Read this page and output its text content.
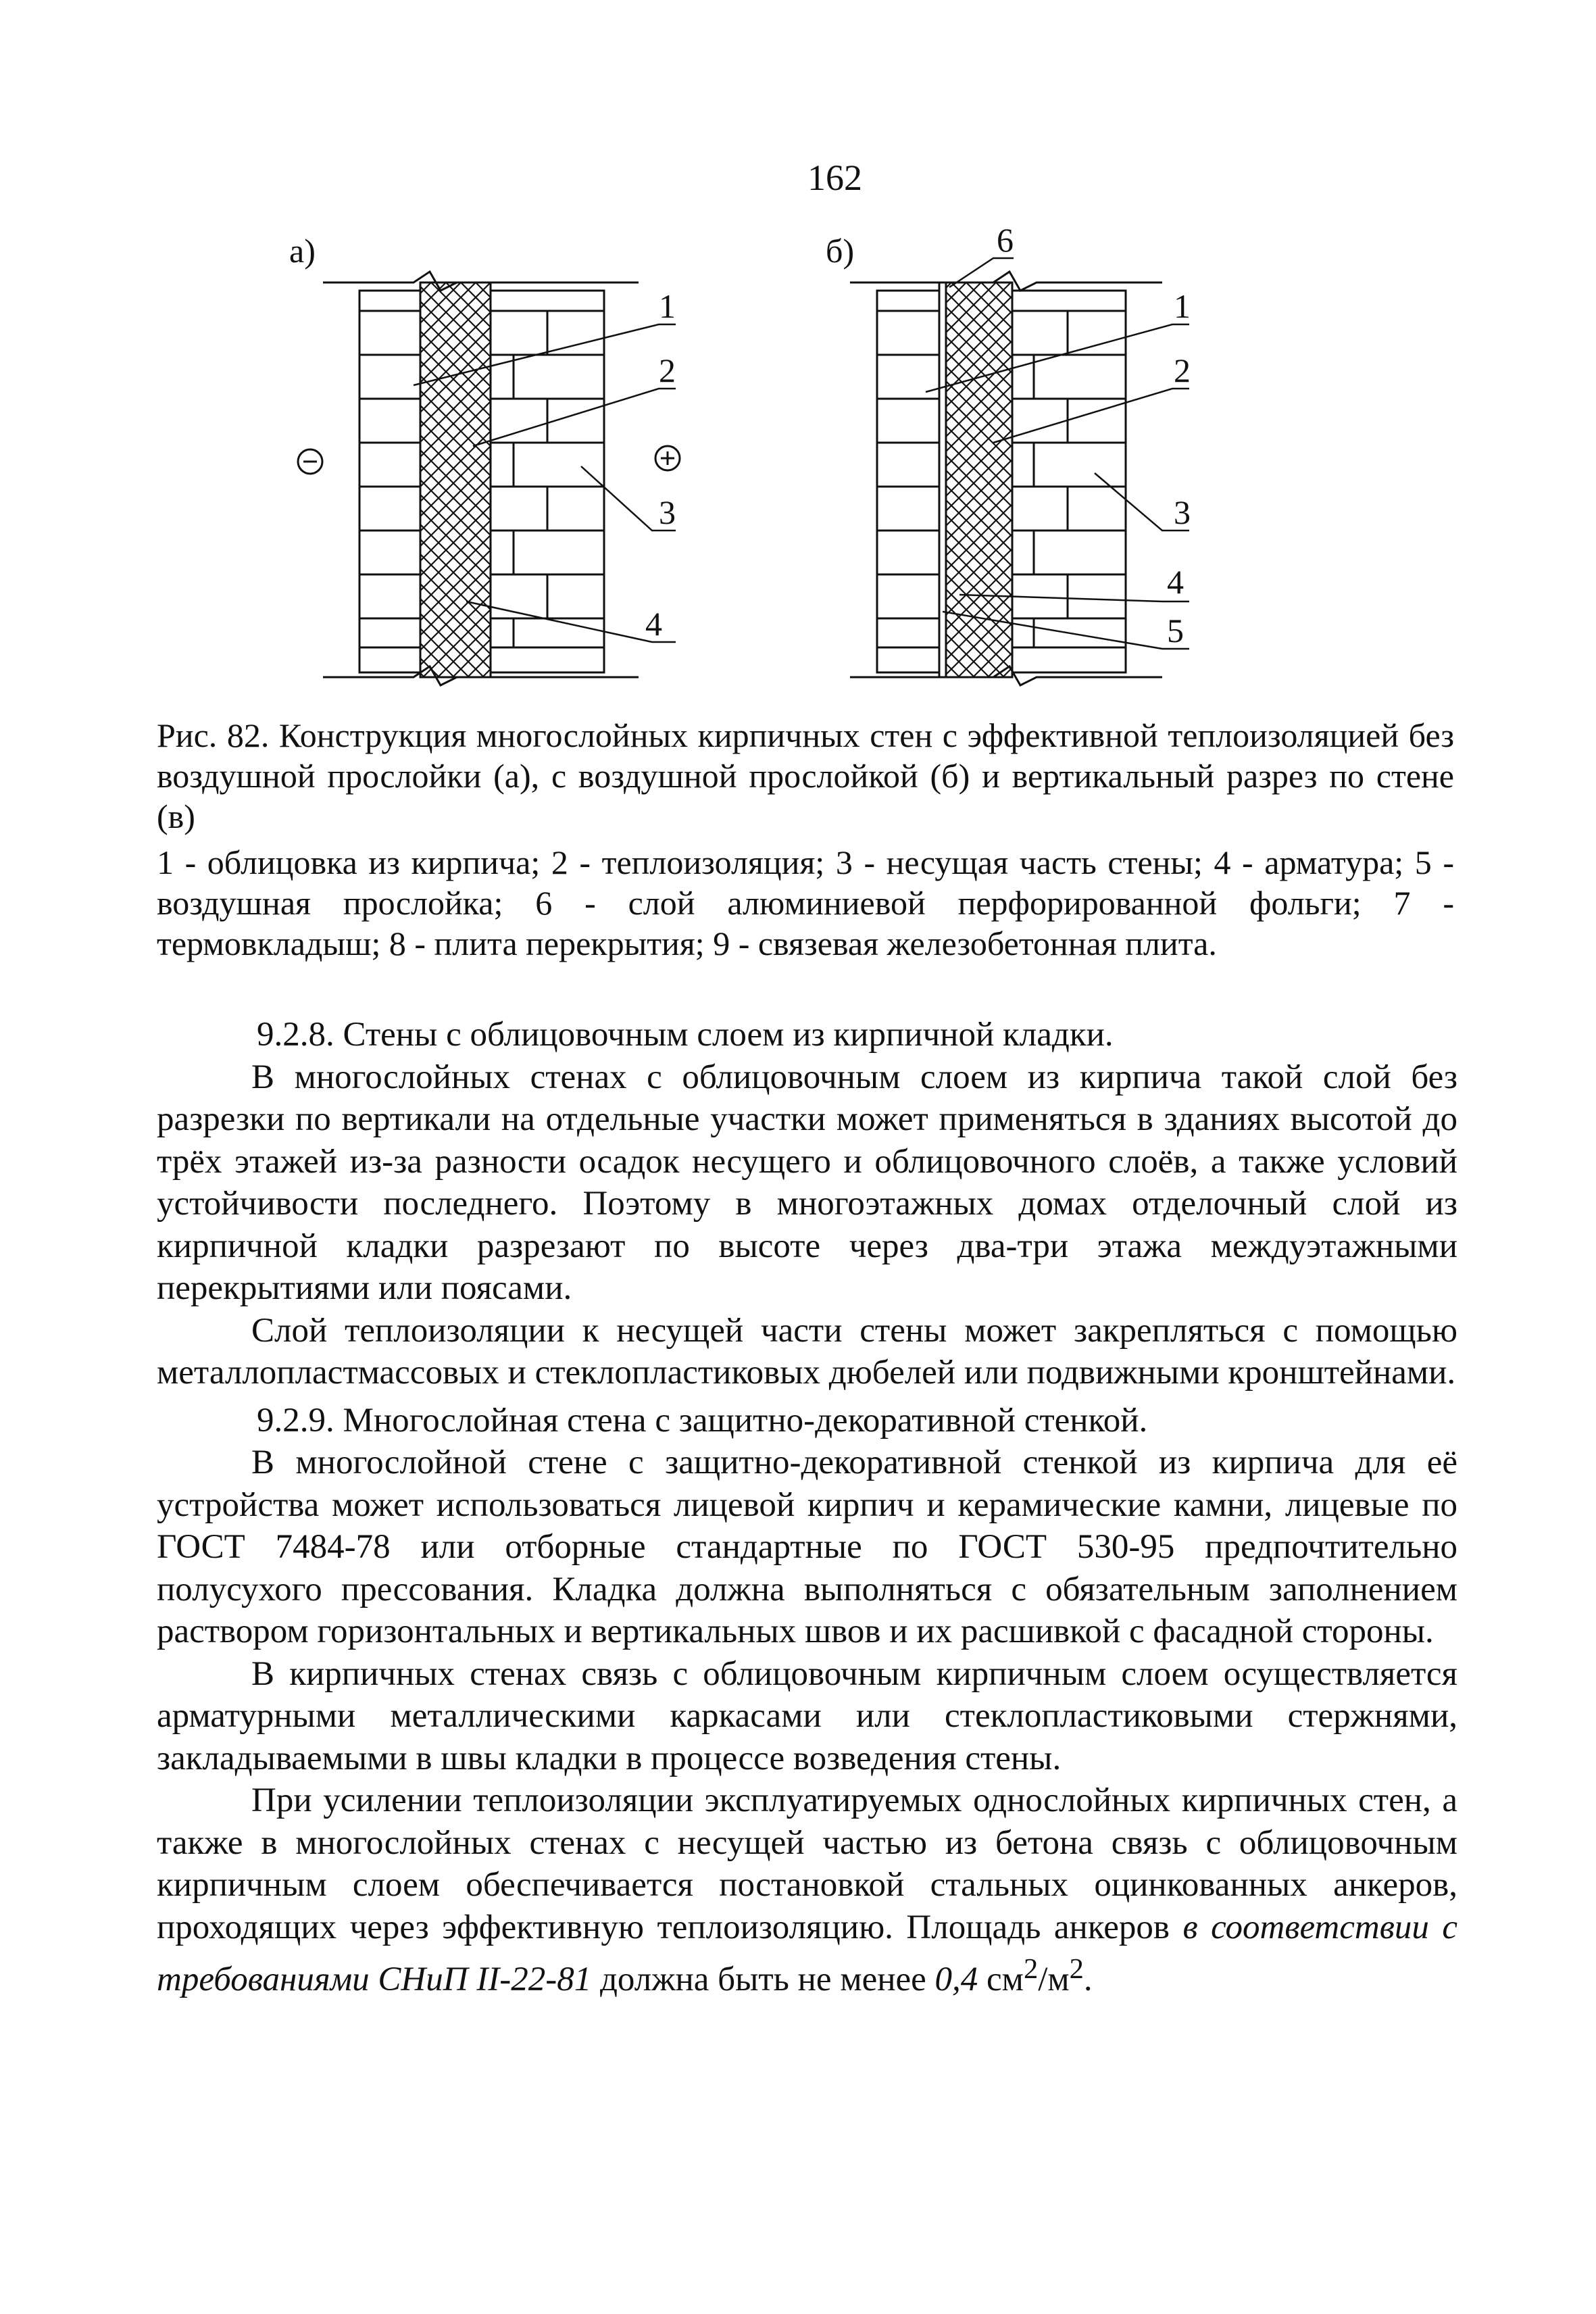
162
а)
1
2
3
4
б)	6
1
2
3
4
5

Рис. 82. Конструкция многослойных кирпичных стен с эффективной теплоизоляцией без воздушной прослойки (а), с воздушной прослойкой (б) и вертикальный разрез по стене (в)

1 - облицовка из кирпича; 2 - теплоизоляция; 3 - несущая часть стены; 4 - арматура; 5 - воздушная прослойка; 6 - слой алюминиевой перфорированной фольги; 7 - термовкладыш; 8 - плита перекрытия; 9 - связевая железобетонная плита.

9.2.8. Стены с облицовочным слоем из кирпичной кладки.

В многослойных стенах с облицовочным слоем из кирпича такой слой без разрезки по вертикали на отдельные участки может применяться в зданиях высотой до трёх этажей из-за разности осадок несущего и облицовочного слоёв, а также условий устойчивости последнего. Поэтому в многоэтажных домах отделочный слой из кирпичной кладки разрезают по высоте через два-три этажа междуэтажными перекрытиями или поясами.

Слой теплоизоляции к несущей части стены может закрепляться с помощью металлопластмассовых и стеклопластиковых дюбелей или подвижными кронштейнами.

9.2.9. Многослойная стена с защитно-декоративной стенкой.

В многослойной стене с защитно-декоративной стенкой из кирпича для её устройства может использоваться лицевой кирпич и керамические камни, лицевые по ГОСТ 7484-78 или отборные стандартные по ГОСТ 530-95 предпочтительно полусухого прессования. Кладка должна выполняться с обязательным заполнением раствором горизонтальных и вертикальных швов и их расшивкой с фасадной стороны.

В кирпичных стенах связь с облицовочным кирпичным слоем осуществляется арматурными металлическими каркасами или стеклопластиковыми стержнями, закладываемыми в швы кладки в процессе возведения стены.

При усилении теплоизоляции эксплуатируемых однослойных кирпичных стен, а также в многослойных стенах с несущей частью из бетона связь с облицовочным кирпичным слоем обеспечивается постановкой стальных оцинкованных анкеров, проходящих через эффективную теплоизоляцию. Площадь анкеров в соответствии с требованиями СНиП II-22-81 должна быть не менее 0,4 $см^2/м^2$.
